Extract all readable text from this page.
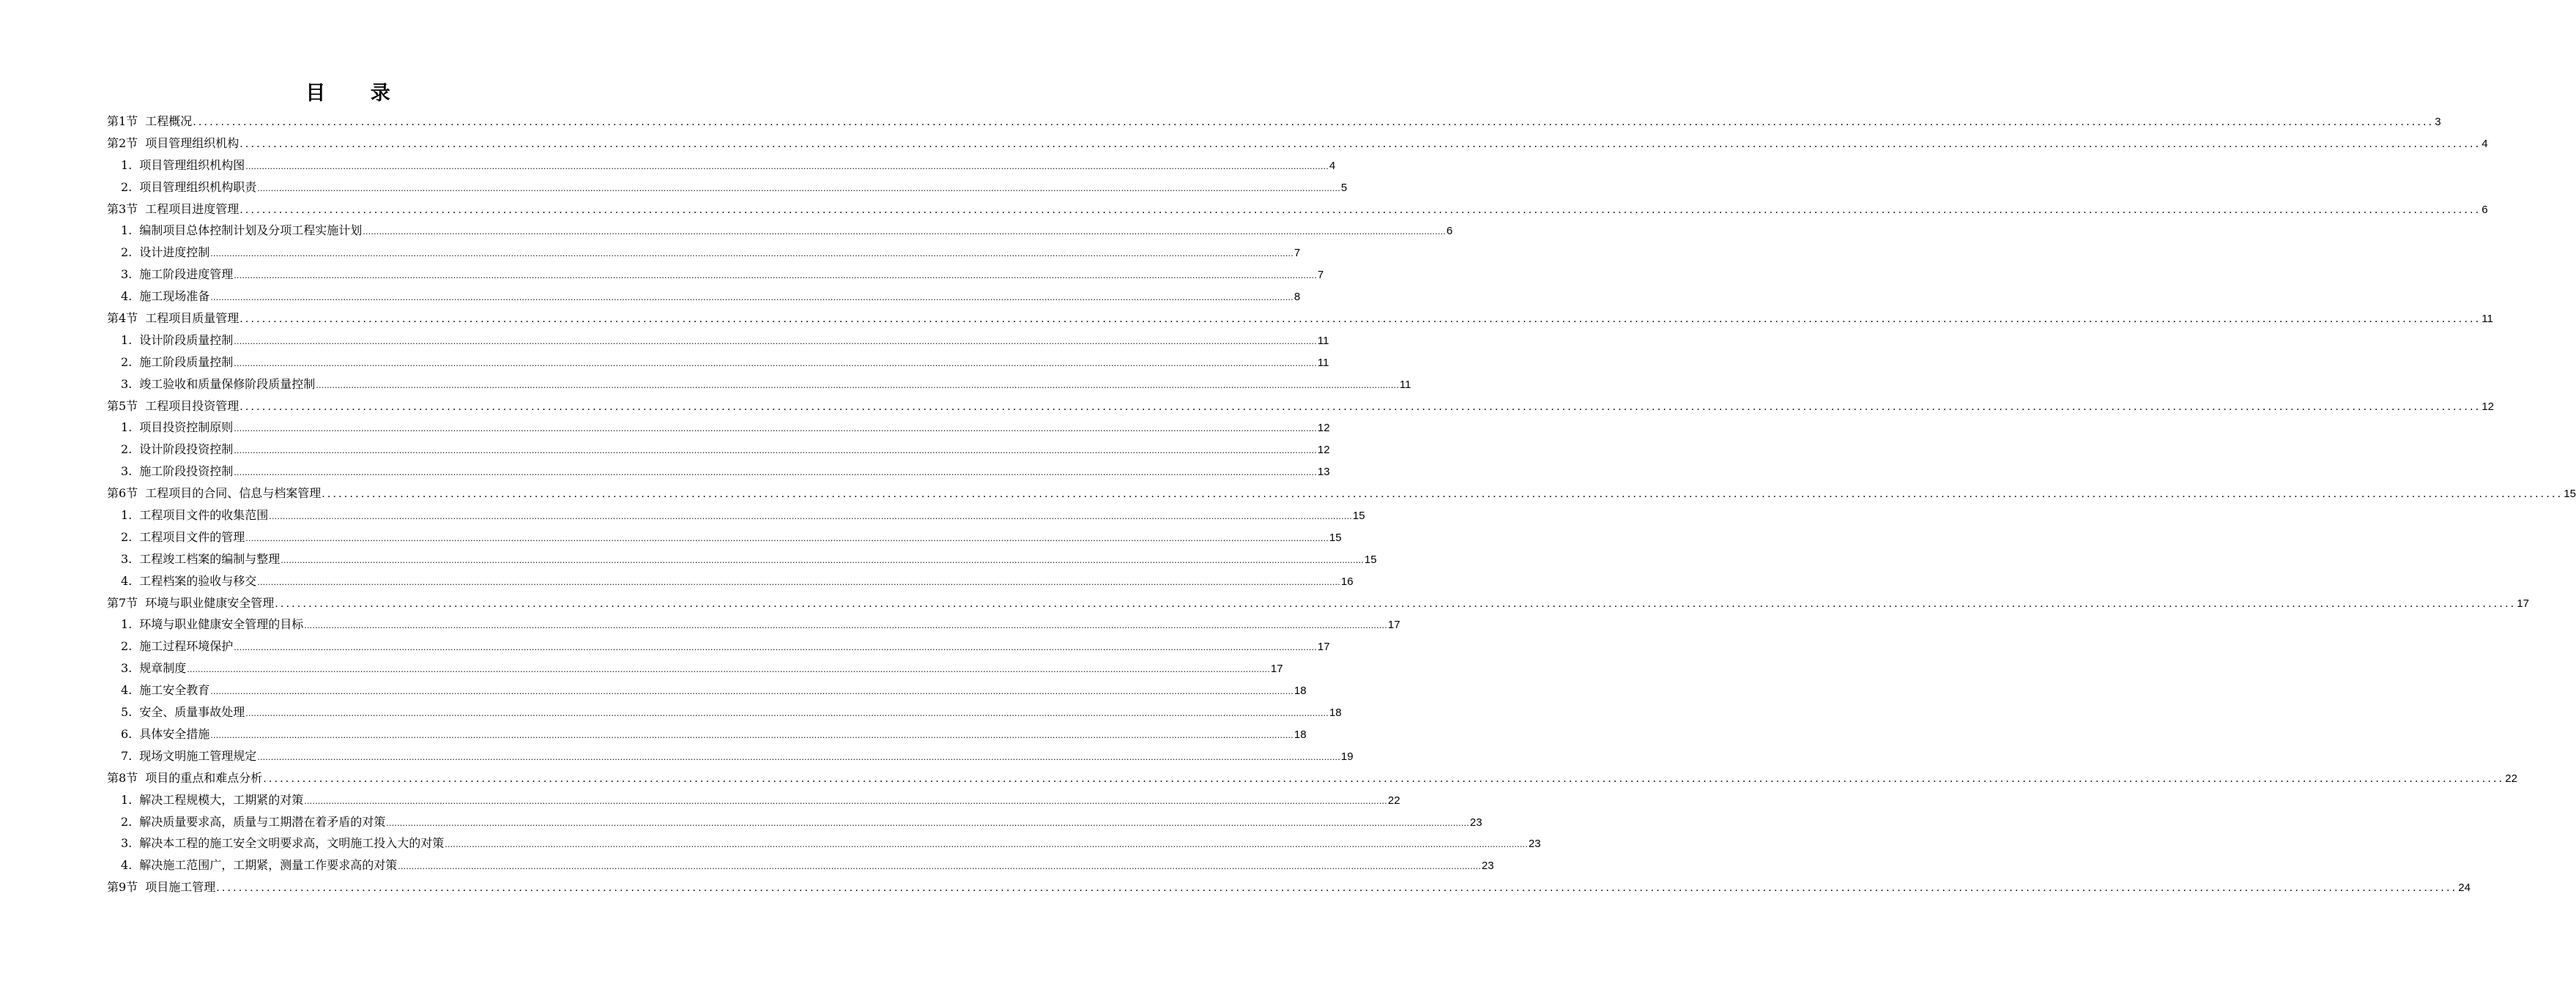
目 录
第1节 工程概况 ................................................................................................................................................................................................................................................................................................................................................................................................................ 3
第2节 项目管理组织机构 ................................................................................................................................................................................................................................................................................................................................................................................................................ 4
1. 项目管理组织机构图 ................................................................................................................................................................................................................................................................................................................................................................................................................ 4
2. 项目管理组织机构职责 ................................................................................................................................................................................................................................................................................................................................................................................................................ 5
第3节 工程项目进度管理 ................................................................................................................................................................................................................................................................................................................................................................................................................ 6
1. 编制项目总体控制计划及分项工程实施计划 ................................................................................................................................................................................................................................................................................................................................................................................................................ 6
2. 设计进度控制 ................................................................................................................................................................................................................................................................................................................................................................................................................ 7
3. 施工阶段进度管理 ................................................................................................................................................................................................................................................................................................................................................................................................................ 7
4. 施工现场准备 ................................................................................................................................................................................................................................................................................................................................................................................................................ 8
第4节 工程项目质量管理 ................................................................................................................................................................................................................................................................................................................................................................................................................ 11
1. 设计阶段质量控制 ................................................................................................................................................................................................................................................................................................................................................................................................................ 11
2. 施工阶段质量控制 ................................................................................................................................................................................................................................................................................................................................................................................................................ 11
3. 竣工验收和质量保修阶段质量控制 ................................................................................................................................................................................................................................................................................................................................................................................................................ 11
第5节 工程项目投资管理 ................................................................................................................................................................................................................................................................................................................................................................................................................ 12
1. 项目投资控制原则 ................................................................................................................................................................................................................................................................................................................................................................................................................ 12
2. 设计阶段投资控制 ................................................................................................................................................................................................................................................................................................................................................................................................................ 12
3. 施工阶段投资控制 ................................................................................................................................................................................................................................................................................................................................................................................................................ 13
第6节 工程项目的合同、信息与档案管理 ................................................................................................................................................................................................................................................................................................................................................................................................................ 15
1. 工程项目文件的收集范围 ................................................................................................................................................................................................................................................................................................................................................................................................................ 15
2. 工程项目文件的管理 ................................................................................................................................................................................................................................................................................................................................................................................................................ 15
3. 工程竣工档案的编制与整理 ................................................................................................................................................................................................................................................................................................................................................................................................................ 15
4. 工程档案的验收与移交 ................................................................................................................................................................................................................................................................................................................................................................................................................ 16
第7节 环境与职业健康安全管理 ................................................................................................................................................................................................................................................................................................................................................................................................................ 17
1. 环境与职业健康安全管理的目标 ................................................................................................................................................................................................................................................................................................................................................................................................................ 17
2. 施工过程环境保护 ................................................................................................................................................................................................................................................................................................................................................................................................................ 17
3. 规章制度 ................................................................................................................................................................................................................................................................................................................................................................................................................ 17
4. 施工安全教育 ................................................................................................................................................................................................................................................................................................................................................................................................................ 18
5. 安全、质量事故处理 ................................................................................................................................................................................................................................................................................................................................................................................................................ 18
6. 具体安全措施 ................................................................................................................................................................................................................................................................................................................................................................................................................ 18
7. 现场文明施工管理规定 ................................................................................................................................................................................................................................................................................................................................................................................................................ 19
第8节 项目的重点和难点分析 ................................................................................................................................................................................................................................................................................................................................................................................................................ 22
1. 解决工程规模大，工期紧的对策 ................................................................................................................................................................................................................................................................................................................................................................................................................ 22
2. 解决质量要求高，质量与工期潜在着矛盾的对策 ................................................................................................................................................................................................................................................................................................................................................................................................................ 23
3. 解决本工程的施工安全文明要求高，文明施工投入大的对策 ................................................................................................................................................................................................................................................................................................................................................................................................................ 23
4. 解决施工范围广，工期紧，测量工作要求高的对策 ................................................................................................................................................................................................................................................................................................................................................................................................................ 23
第9节 项目施工管理 ................................................................................................................................................................................................................................................................................................................................................................................................................ 24
